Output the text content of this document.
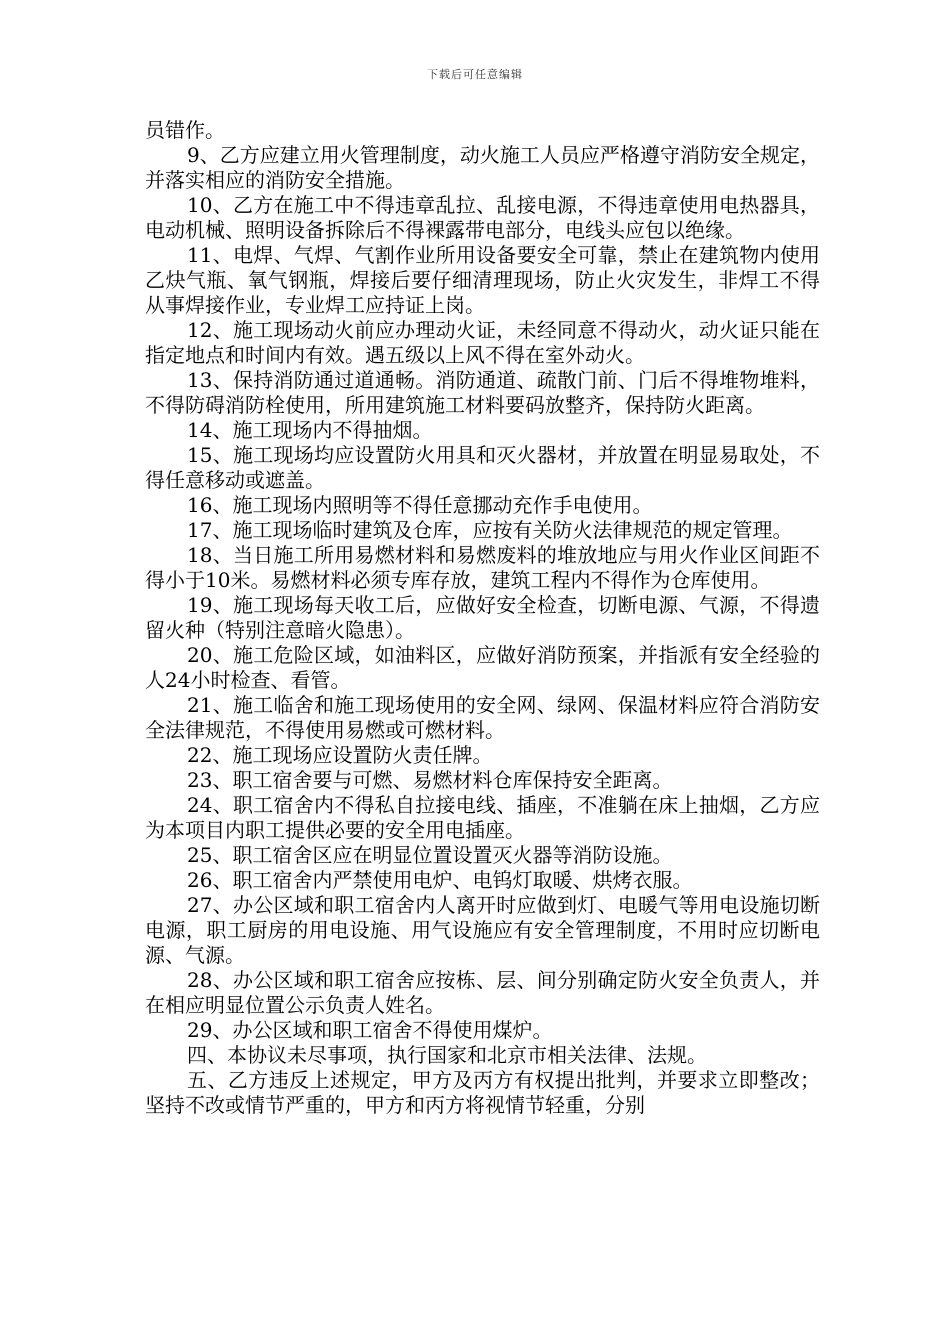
下载后可任意编辑

员错作。

9、乙方应建立用火管理制度，动火施工人员应严格遵守消防安全规定，并落实相应的消防安全措施。

10、乙方在施工中不得违章乱拉、乱接电源，不得违章使用电热器具，电动机械、照明设备拆除后不得裸露带电部分，电线头应包以绝缘。

11、电焊、气焊、气割作业所用设备要安全可靠，禁止在建筑物内使用乙炔气瓶、氧气钢瓶，焊接后要仔细清理现场，防止火灾发生，非焊工不得从事焊接作业，专业焊工应持证上岗。

12、施工现场动火前应办理动火证，未经同意不得动火，动火证只能在指定地点和时间内有效。遇五级以上风不得在室外动火。

13、保持消防通过道通畅。消防通道、疏散门前、门后不得堆物堆料，不得防碍消防栓使用，所用建筑施工材料要码放整齐，保持防火距离。

14、施工现场内不得抽烟。

15、施工现场均应设置防火用具和灭火器材，并放置在明显易取处，不得任意移动或遮盖。

16、施工现场内照明等不得任意挪动充作手电使用。

17、施工现场临时建筑及仓库，应按有关防火法律规范的规定管理。

18、当日施工所用易燃材料和易燃废料的堆放地应与用火作业区间距不得小于10米。易燃材料必须专库存放，建筑工程内不得作为仓库使用。

19、施工现场每天收工后，应做好安全检查，切断电源、气源，不得遗留火种（特别注意暗火隐患）。

20、施工危险区域，如油料区，应做好消防预案，并指派有安全经验的人24小时检查、看管。

21、施工临舍和施工现场使用的安全网、绿网、保温材料应符合消防安全法律规范，不得使用易燃或可燃材料。

22、施工现场应设置防火责任牌。

23、职工宿舍要与可燃、易燃材料仓库保持安全距离。

24、职工宿舍内不得私自拉接电线、插座，不准躺在床上抽烟，乙方应为本项目内职工提供必要的安全用电插座。

25、职工宿舍区应在明显位置设置灭火器等消防设施。

26、职工宿舍内严禁使用电炉、电钨灯取暖、烘烤衣服。

27、办公区域和职工宿舍内人离开时应做到灯、电暖气等用电设施切断电源，职工厨房的用电设施、用气设施应有安全管理制度，不用时应切断电源、气源。

28、办公区域和职工宿舍应按栋、层、间分别确定防火安全负责人，并在相应明显位置公示负责人姓名。

29、办公区域和职工宿舍不得使用煤炉。

四、本协议未尽事项，执行国家和北京市相关法律、法规。

五、乙方违反上述规定，甲方及丙方有权提出批判，并要求立即整改；坚持不改或情节严重的，甲方和丙方将视情节轻重，分别
